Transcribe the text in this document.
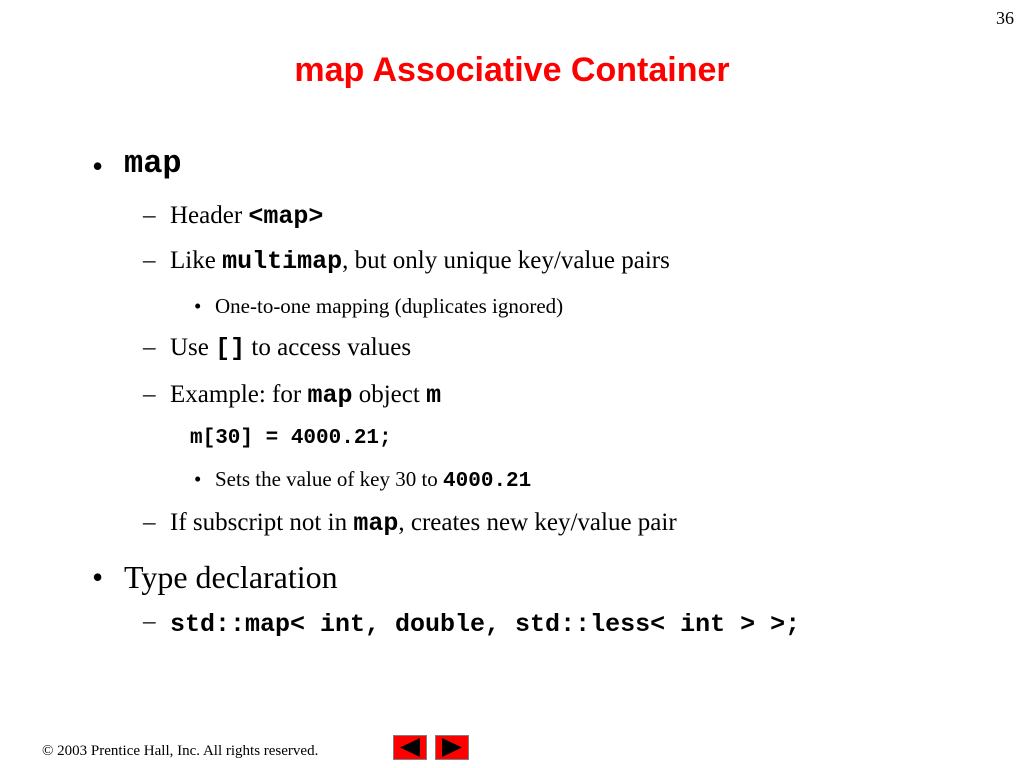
36
map Associative Container
• map
– Header <map>
– Like multimap, but only unique key/value pairs
• One-to-one mapping (duplicates ignored)
– Use [] to access values
– Example: for map object m
m[30] = 4000.21;
• Sets the value of key 30 to 4000.21
– If subscript not in map, creates new key/value pair
• Type declaration
– std::map< int, double, std::less< int > >;
© 2003 Prentice Hall, Inc. All rights reserved.
